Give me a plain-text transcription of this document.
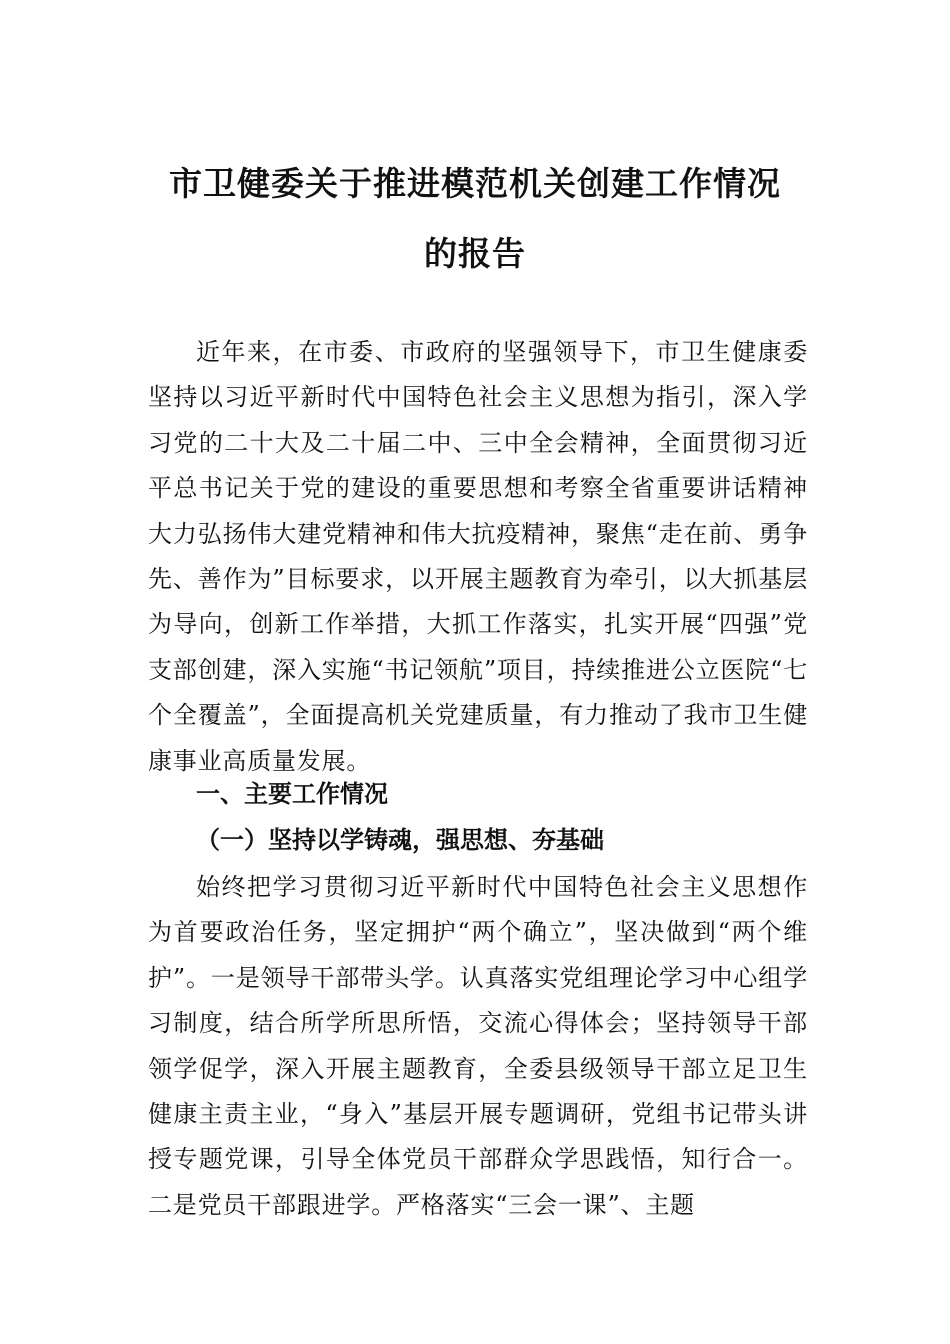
市卫健委关于推进模范机关创建工作情况
的报告

近年来，在市委、市政府的坚强领导下，市卫生健康委坚持以习近平新时代中国特色社会主义思想为指引，深入学习党的二十大及二十届二中、三中全会精神，全面贯彻习近平总书记关于党的建设的重要思想和考察全省重要讲话精神大力弘扬伟大建党精神和伟大抗疫精神，聚焦“走在前、勇争先、善作为”目标要求，以开展主题教育为牵引，以大抓基层为导向，创新工作举措，大抓工作落实，扎实开展“四强”党支部创建，深入实施“书记领航”项目，持续推进公立医院“七个全覆盖”，全面提高机关党建质量，有力推动了我市卫生健康事业高质量发展。

一、主要工作情况
（一）坚持以学铸魂，强思想、夯基础

始终把学习贯彻习近平新时代中国特色社会主义思想作为首要政治任务，坚定拥护“两个确立”，坚决做到“两个维护”。一是领导干部带头学。认真落实党组理论学习中心组学习制度，结合所学所思所悟，交流心得体会；坚持领导干部领学促学，深入开展主题教育，全委县级领导干部立足卫生健康主责主业，“身入”基层开展专题调研，党组书记带头讲授专题党课，引导全体党员干部群众学思践悟，知行合一。二是党员干部跟进学。严格落实“三会一课”、主题
